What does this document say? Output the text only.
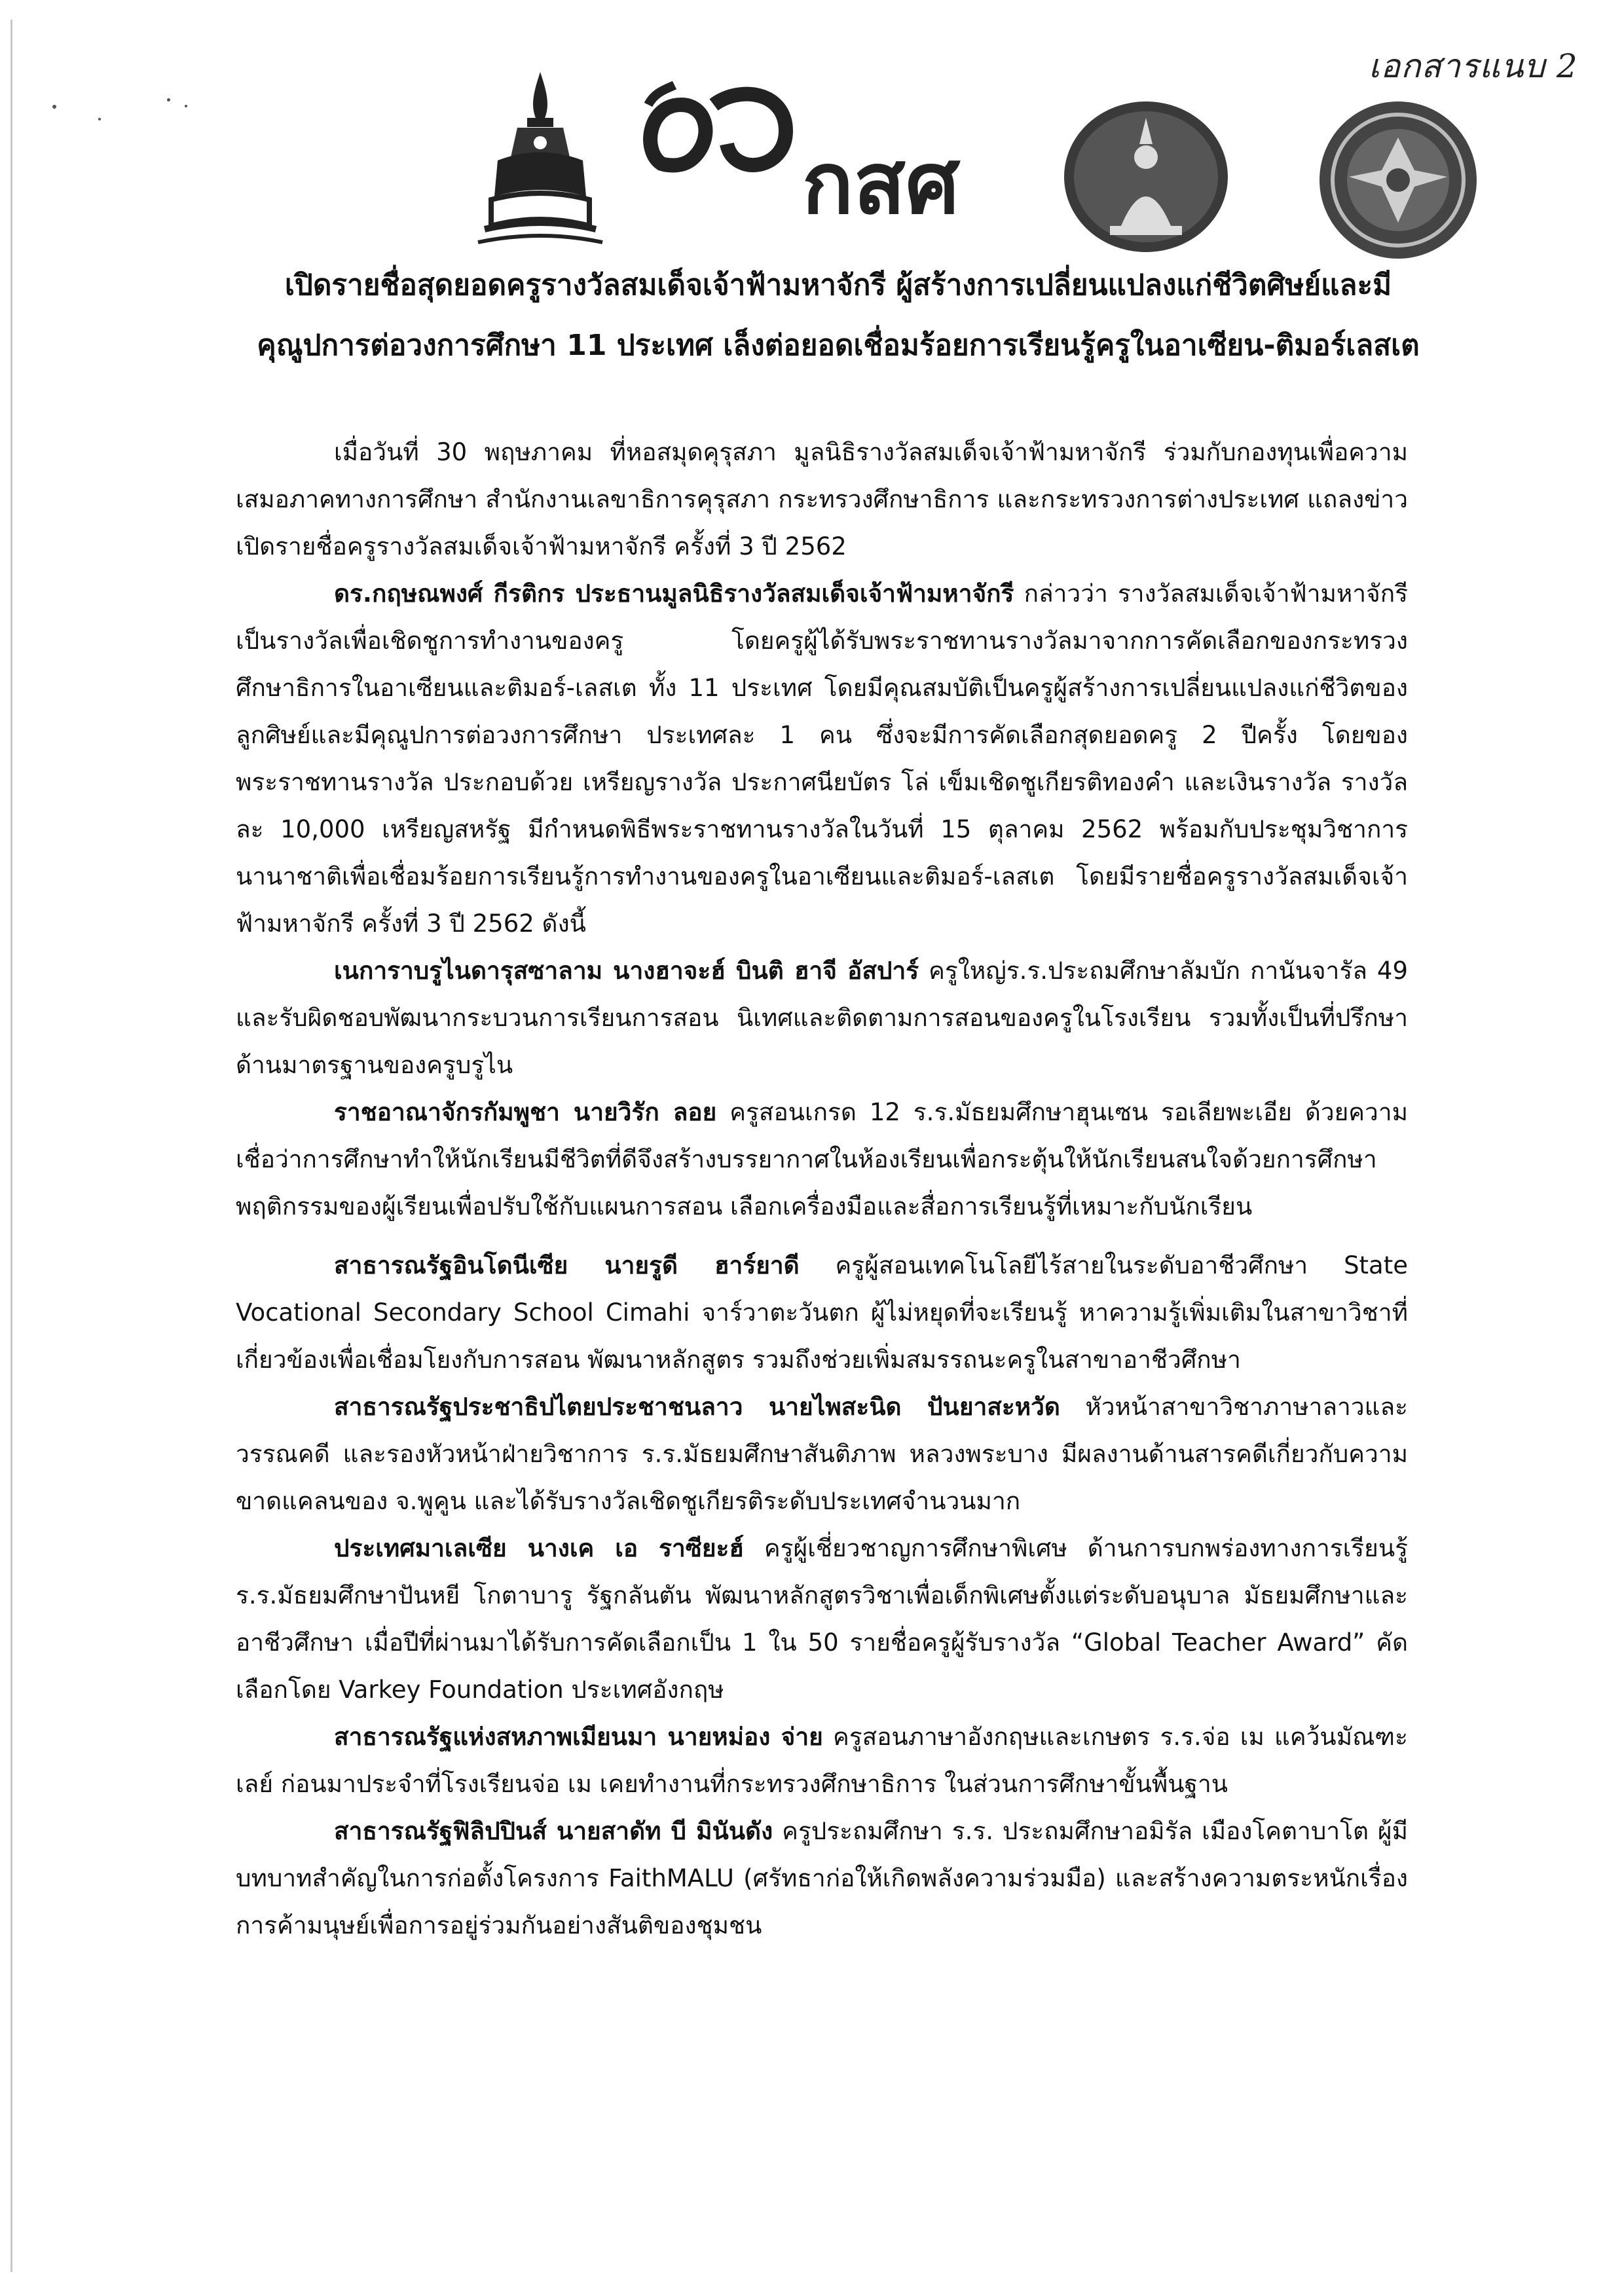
เอกสารแนบ 2
กสศ

เปิดรายชื่อสุดยอดครูรางวัลสมเด็จเจ้าฟ้ามหาจักรี ผู้สร้างการเปลี่ยนแปลงแก่ชีวิตศิษย์และมี

คุณูปการต่อวงการศึกษา 11 ประเทศ เล็งต่อยอดเชื่อมร้อยการเรียนรู้ครูในอาเซียน-ติมอร์เลสเต

เมื่อวันที่ 30 พฤษภาคม ที่หอสมุดคุรุสภา มูลนิธิรางวัลสมเด็จเจ้าฟ้ามหาจักรี ร่วมกับกองทุนเพื่อความเสมอภาคทางการศึกษา สำนักงานเลขาธิการคุรุสภา กระทรวงศึกษาธิการ และกระทรวงการต่างประเทศ แถลงข่าวเปิดรายชื่อครูรางวัลสมเด็จเจ้าฟ้ามหาจักรี ครั้งที่ 3 ปี 2562

ดร.กฤษณพงศ์ กีรติกร ประธานมูลนิธิรางวัลสมเด็จเจ้าฟ้ามหาจักรี กล่าวว่า รางวัลสมเด็จเจ้าฟ้ามหาจักรี เป็นรางวัลเพื่อเชิดชูการทำงานของครู โดยครูผู้ได้รับพระราชทานรางวัลมาจากการคัดเลือกของกระทรวงศึกษาธิการในอาเซียนและติมอร์-เลสเต ทั้ง 11 ประเทศ โดยมีคุณสมบัติเป็นครูผู้สร้างการเปลี่ยนแปลงแก่ชีวิตของลูกศิษย์และมีคุณูปการต่อวงการศึกษา ประเทศละ 1 คน ซึ่งจะมีการคัดเลือกสุดยอดครู 2 ปีครั้ง โดยของพระราชทานรางวัล ประกอบด้วย เหรียญรางวัล ประกาศนียบัตร โล่ เข็มเชิดชูเกียรติทองคำ และเงินรางวัล รางวัลละ 10,000 เหรียญสหรัฐ มีกำหนดพิธีพระราชทานรางวัลในวันที่ 15 ตุลาคม 2562 พร้อมกับประชุมวิชาการนานาชาติเพื่อเชื่อมร้อยการเรียนรู้การทำงานของครูในอาเซียนและติมอร์-เลสเต โดยมีรายชื่อครูรางวัลสมเด็จเจ้าฟ้ามหาจักรี ครั้งที่ 3 ปี 2562 ดังนี้

เนการาบรูไนดารุสซาลาม นางฮาจะฮ์ บินติ ฮาจี อัสปาร์ ครูใหญ่ร.ร.ประถมศึกษาลัมบัก กานันจารัล 49 และรับผิดชอบพัฒนากระบวนการเรียนการสอน นิเทศและติดตามการสอนของครูในโรงเรียน รวมทั้งเป็นที่ปรึกษาด้านมาตรฐานของครูบรูไน

ราชอาณาจักรกัมพูชา นายวิรัก ลอย ครูสอนเกรด 12 ร.ร.มัธยมศึกษาฮุนเซน รอเลียพะเอีย ด้วยความเชื่อว่าการศึกษาทำให้นักเรียนมีชีวิตที่ดีจึงสร้างบรรยากาศในห้องเรียนเพื่อกระตุ้นให้นักเรียนสนใจด้วยการศึกษาพฤติกรรมของผู้เรียนเพื่อปรับใช้กับแผนการสอน เลือกเครื่องมือและสื่อการเรียนรู้ที่เหมาะกับนักเรียน

สาธารณรัฐอินโดนีเซีย นายรูดี ฮาร์ยาดี ครูผู้สอนเทคโนโลยีไร้สายในระดับอาชีวศึกษา State Vocational Secondary School Cimahi จาร์วาตะวันตก ผู้ไม่หยุดที่จะเรียนรู้ หาความรู้เพิ่มเติมในสาขาวิชาที่เกี่ยวข้องเพื่อเชื่อมโยงกับการสอน พัฒนาหลักสูตร รวมถึงช่วยเพิ่มสมรรถนะครูในสาขาอาชีวศึกษา

สาธารณรัฐประชาธิปไตยประชาชนลาว นายไพสะนิด ปันยาสะหวัด หัวหน้าสาขาวิชาภาษาลาวและวรรณคดี และรองหัวหน้าฝ่ายวิชาการ ร.ร.มัธยมศึกษาสันติภาพ หลวงพระบาง มีผลงานด้านสารคดีเกี่ยวกับความขาดแคลนของ จ.พูคูน และได้รับรางวัลเชิดชูเกียรติระดับประเทศจำนวนมาก

ประเทศมาเลเซีย นางเค เอ ราซียะฮ์ ครูผู้เชี่ยวชาญการศึกษาพิเศษ ด้านการบกพร่องทางการเรียนรู้ ร.ร.มัธยมศึกษาปันหยี โกตาบารู รัฐกลันตัน พัฒนาหลักสูตรวิชาเพื่อเด็กพิเศษตั้งแต่ระดับอนุบาล มัธยมศึกษาและอาชีวศึกษา เมื่อปีที่ผ่านมาได้รับการคัดเลือกเป็น 1 ใน 50 รายชื่อครูผู้รับรางวัล “Global Teacher Award” คัดเลือกโดย Varkey Foundation ประเทศอังกฤษ

สาธารณรัฐแห่งสหภาพเมียนมา นายหม่อง จ่าย ครูสอนภาษาอังกฤษและเกษตร ร.ร.จ่อ เม แคว้นมัณฑะเลย์ ก่อนมาประจำที่โรงเรียนจ่อ เม เคยทำงานที่กระทรวงศึกษาธิการ ในส่วนการศึกษาขั้นพื้นฐาน

สาธารณรัฐฟิลิปปินส์ นายสาดัท บี มินันดัง ครูประถมศึกษา ร.ร. ประถมศึกษาอมิรัล เมืองโคตาบาโต ผู้มีบทบาทสำคัญในการก่อตั้งโครงการ FaithMALU (ศรัทธาก่อให้เกิดพลังความร่วมมือ) และสร้างความตระหนักเรื่องการค้ามนุษย์เพื่อการอยู่ร่วมกันอย่างสันติของชุมชน
